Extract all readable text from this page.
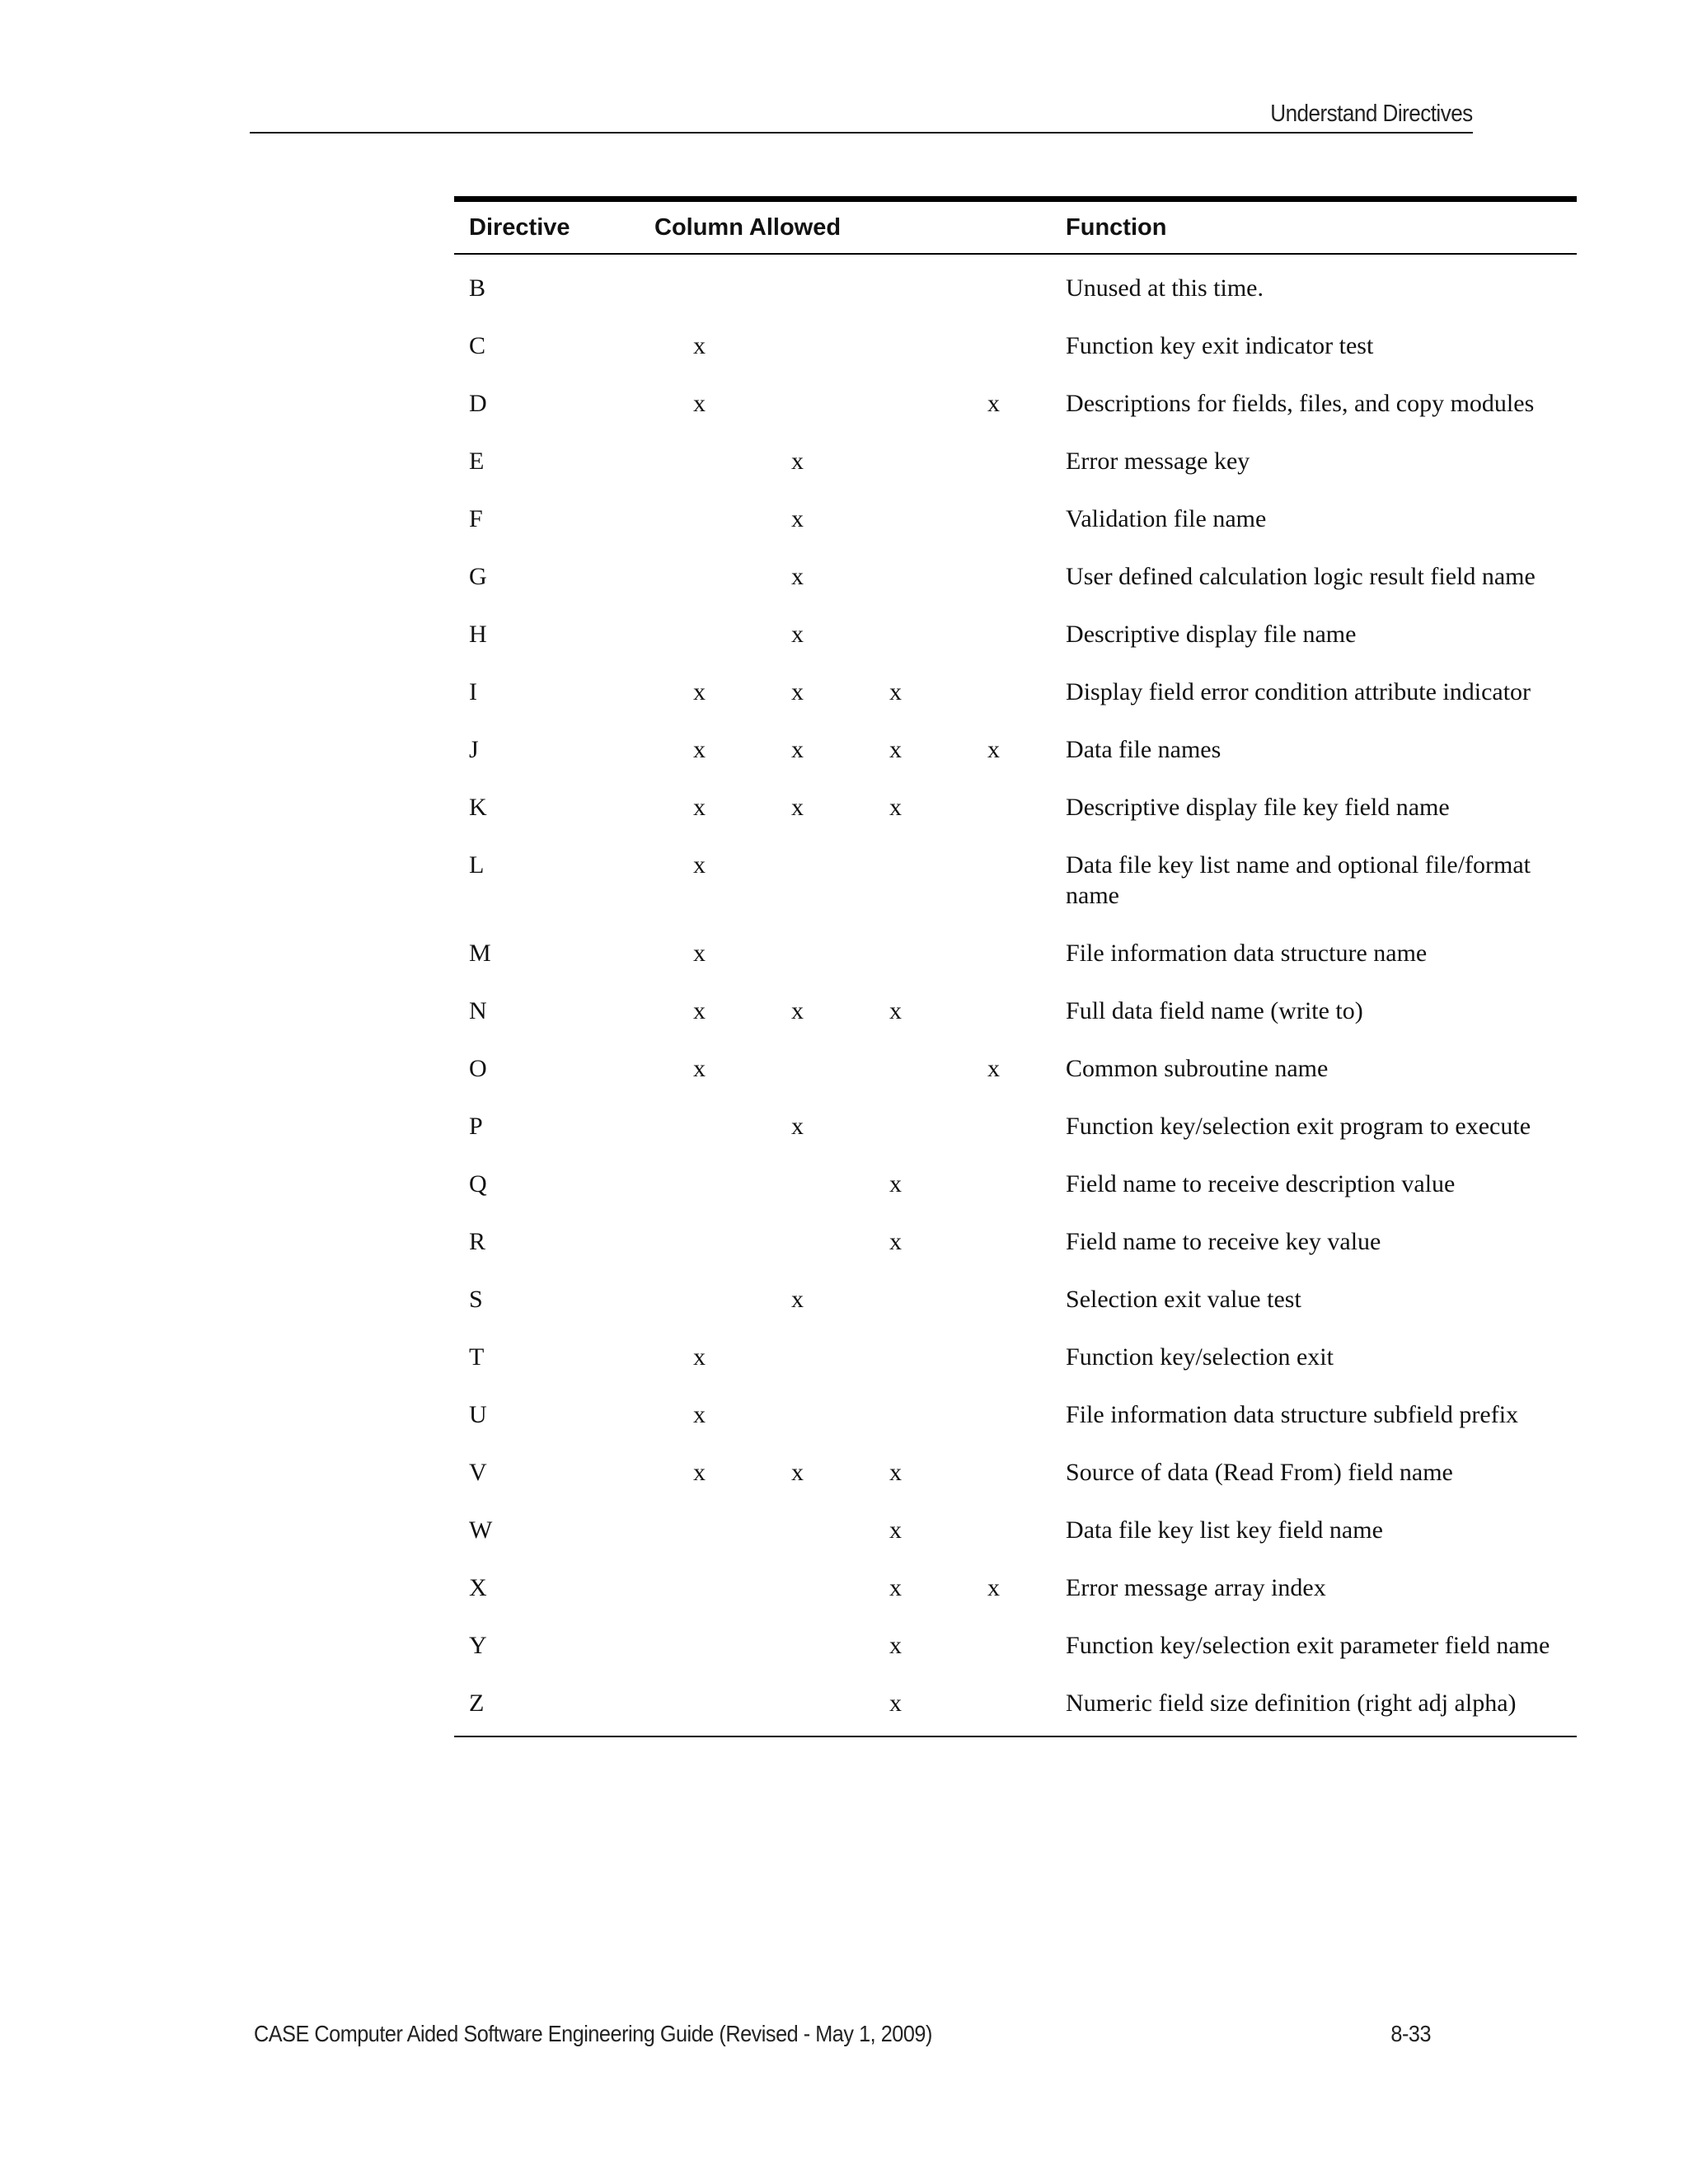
Understand Directives
Directive	Column Allowed				Function
B					Unused at this time.
C	x				Function key exit indicator test
D	x			x	Descriptions for fields, files, and copy modules
E		x			Error message key
F		x			Validation file name
G		x			User defined calculation logic result field name
H		x			Descriptive display file name
I	x	x	x		Display field error condition attribute indicator
J	x	x	x	x	Data file names
K	x	x	x		Descriptive display file key field name
L	x				Data file key list name and optional file/format name
M	x				File information data structure name
N	x	x	x		Full data field name (write to)
O	x			x	Common subroutine name
P		x			Function key/selection exit program to execute
Q			x		Field name to receive description value
R			x		Field name to receive key value
S		x			Selection exit value test
T	x				Function key/selection exit
U	x				File information data structure subfield prefix
V	x	x	x		Source of data (Read From) field name
W			x		Data file key list key field name
X			x	x	Error message array index
Y			x		Function key/selection exit parameter field name
Z			x		Numeric field size definition (right adj alpha)
CASE Computer Aided Software Engineering Guide (Revised - May 1, 2009)	8-33
